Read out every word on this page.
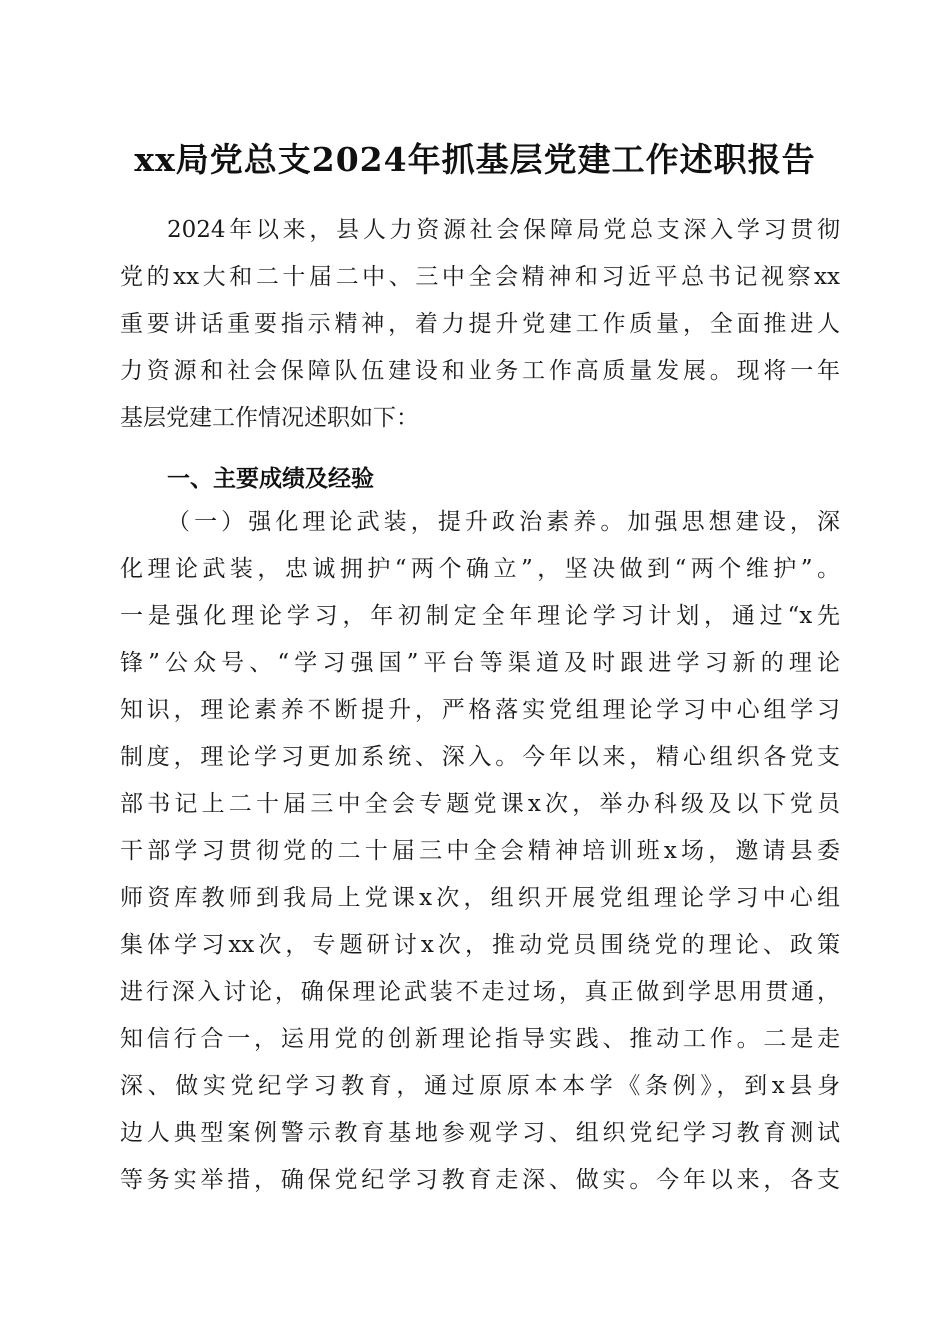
xx局党总支2024年抓基层党建工作述职报告
2024年以来，县人力资源社会保障局党总支深入学习贯彻
党的xx大和二十届二中、三中全会精神和习近平总书记视察xx
重要讲话重要指示精神，着力提升党建工作质量，全面推进人
力资源和社会保障队伍建设和业务工作高质量发展。现将一年
基层党建工作情况述职如下：
一、主要成绩及经验
（一）强化理论武装，提升政治素养。加强思想建设，深
化理论武装，忠诚拥护“两个确立”，坚决做到“两个维护”。
一是强化理论学习，年初制定全年理论学习计划，通过“x先
锋”公众号、“学习强国”平台等渠道及时跟进学习新的理论
知识，理论素养不断提升，严格落实党组理论学习中心组学习
制度，理论学习更加系统、深入。今年以来，精心组织各党支
部书记上二十届三中全会专题党课x次，举办科级及以下党员
干部学习贯彻党的二十届三中全会精神培训班x场，邀请县委
师资库教师到我局上党课x次，组织开展党组理论学习中心组
集体学习xx次，专题研讨x次，推动党员围绕党的理论、政策
进行深入讨论，确保理论武装不走过场，真正做到学思用贯通，
知信行合一，运用党的创新理论指导实践、推动工作。二是走
深、做实党纪学习教育，通过原原本本学《条例》，到x县身
边人典型案例警示教育基地参观学习、组织党纪学习教育测试
等务实举措，确保党纪学习教育走深、做实。今年以来，各支
